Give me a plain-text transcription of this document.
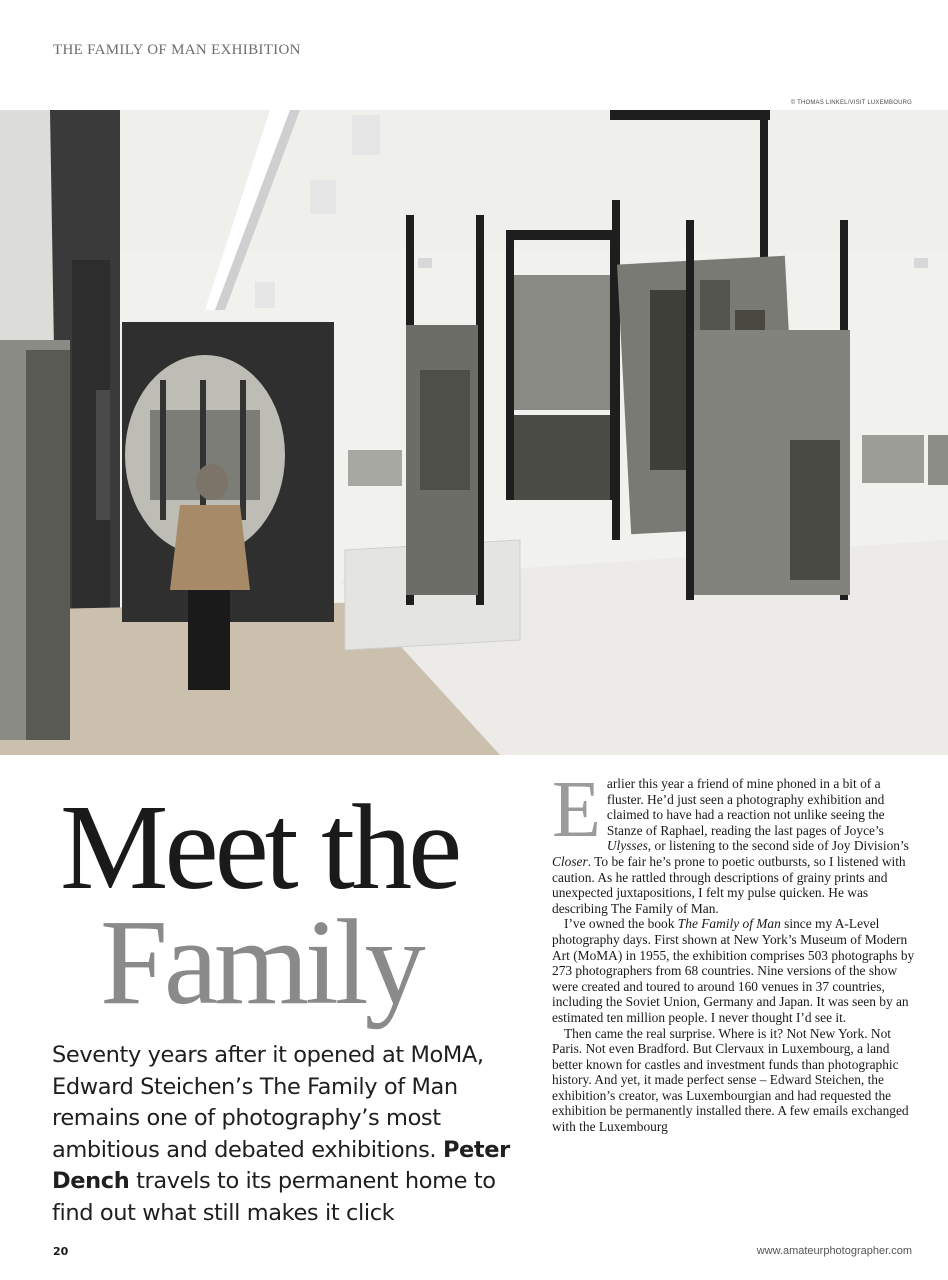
THE FAMILY OF MAN EXHIBITION
© THOMAS LINKEL/VISIT LUXEMBOURG
Meet the
Family
Seventy years after it opened at MoMA, Edward Steichen’s The Family of Man remains one of photography’s most ambitious and debated exhibitions. Peter Dench travels to its permanent home to find out what still makes it click

Earlier this year a friend of mine phoned in a bit of a fluster. He’d just seen a photography exhibition and claimed to have had a reaction not unlike seeing the Stanze of Raphael, reading the last pages of Joyce’s Ulysses, or listening to the second side of Joy Division’s Closer. To be fair he’s prone to poetic outbursts, so I listened with caution. As he rattled through descriptions of grainy prints and unexpected juxtapositions, I felt my pulse quicken. He was describing The Family of Man.

I’ve owned the book The Family of Man since my A-Level photography days. First shown at New York’s Museum of Modern Art (MoMA) in 1955, the exhibition comprises 503 photographs by 273 photographers from 68 countries. Nine versions of the show were created and toured to around 160 venues in 37 countries, including the Soviet Union, Germany and Japan. It was seen by an estimated ten million people. I never thought I’d see it.

Then came the real surprise. Where is it? Not New York. Not Paris. Not even Bradford. But Clervaux in Luxembourg, a land better known for castles and investment funds than photographic history. And yet, it made perfect sense – Edward Steichen, the exhibition’s creator, was Luxembourgian and had requested the exhibition be permanently installed there. A few emails exchanged with the Luxembourg

20	www.amateurphotographer.com
